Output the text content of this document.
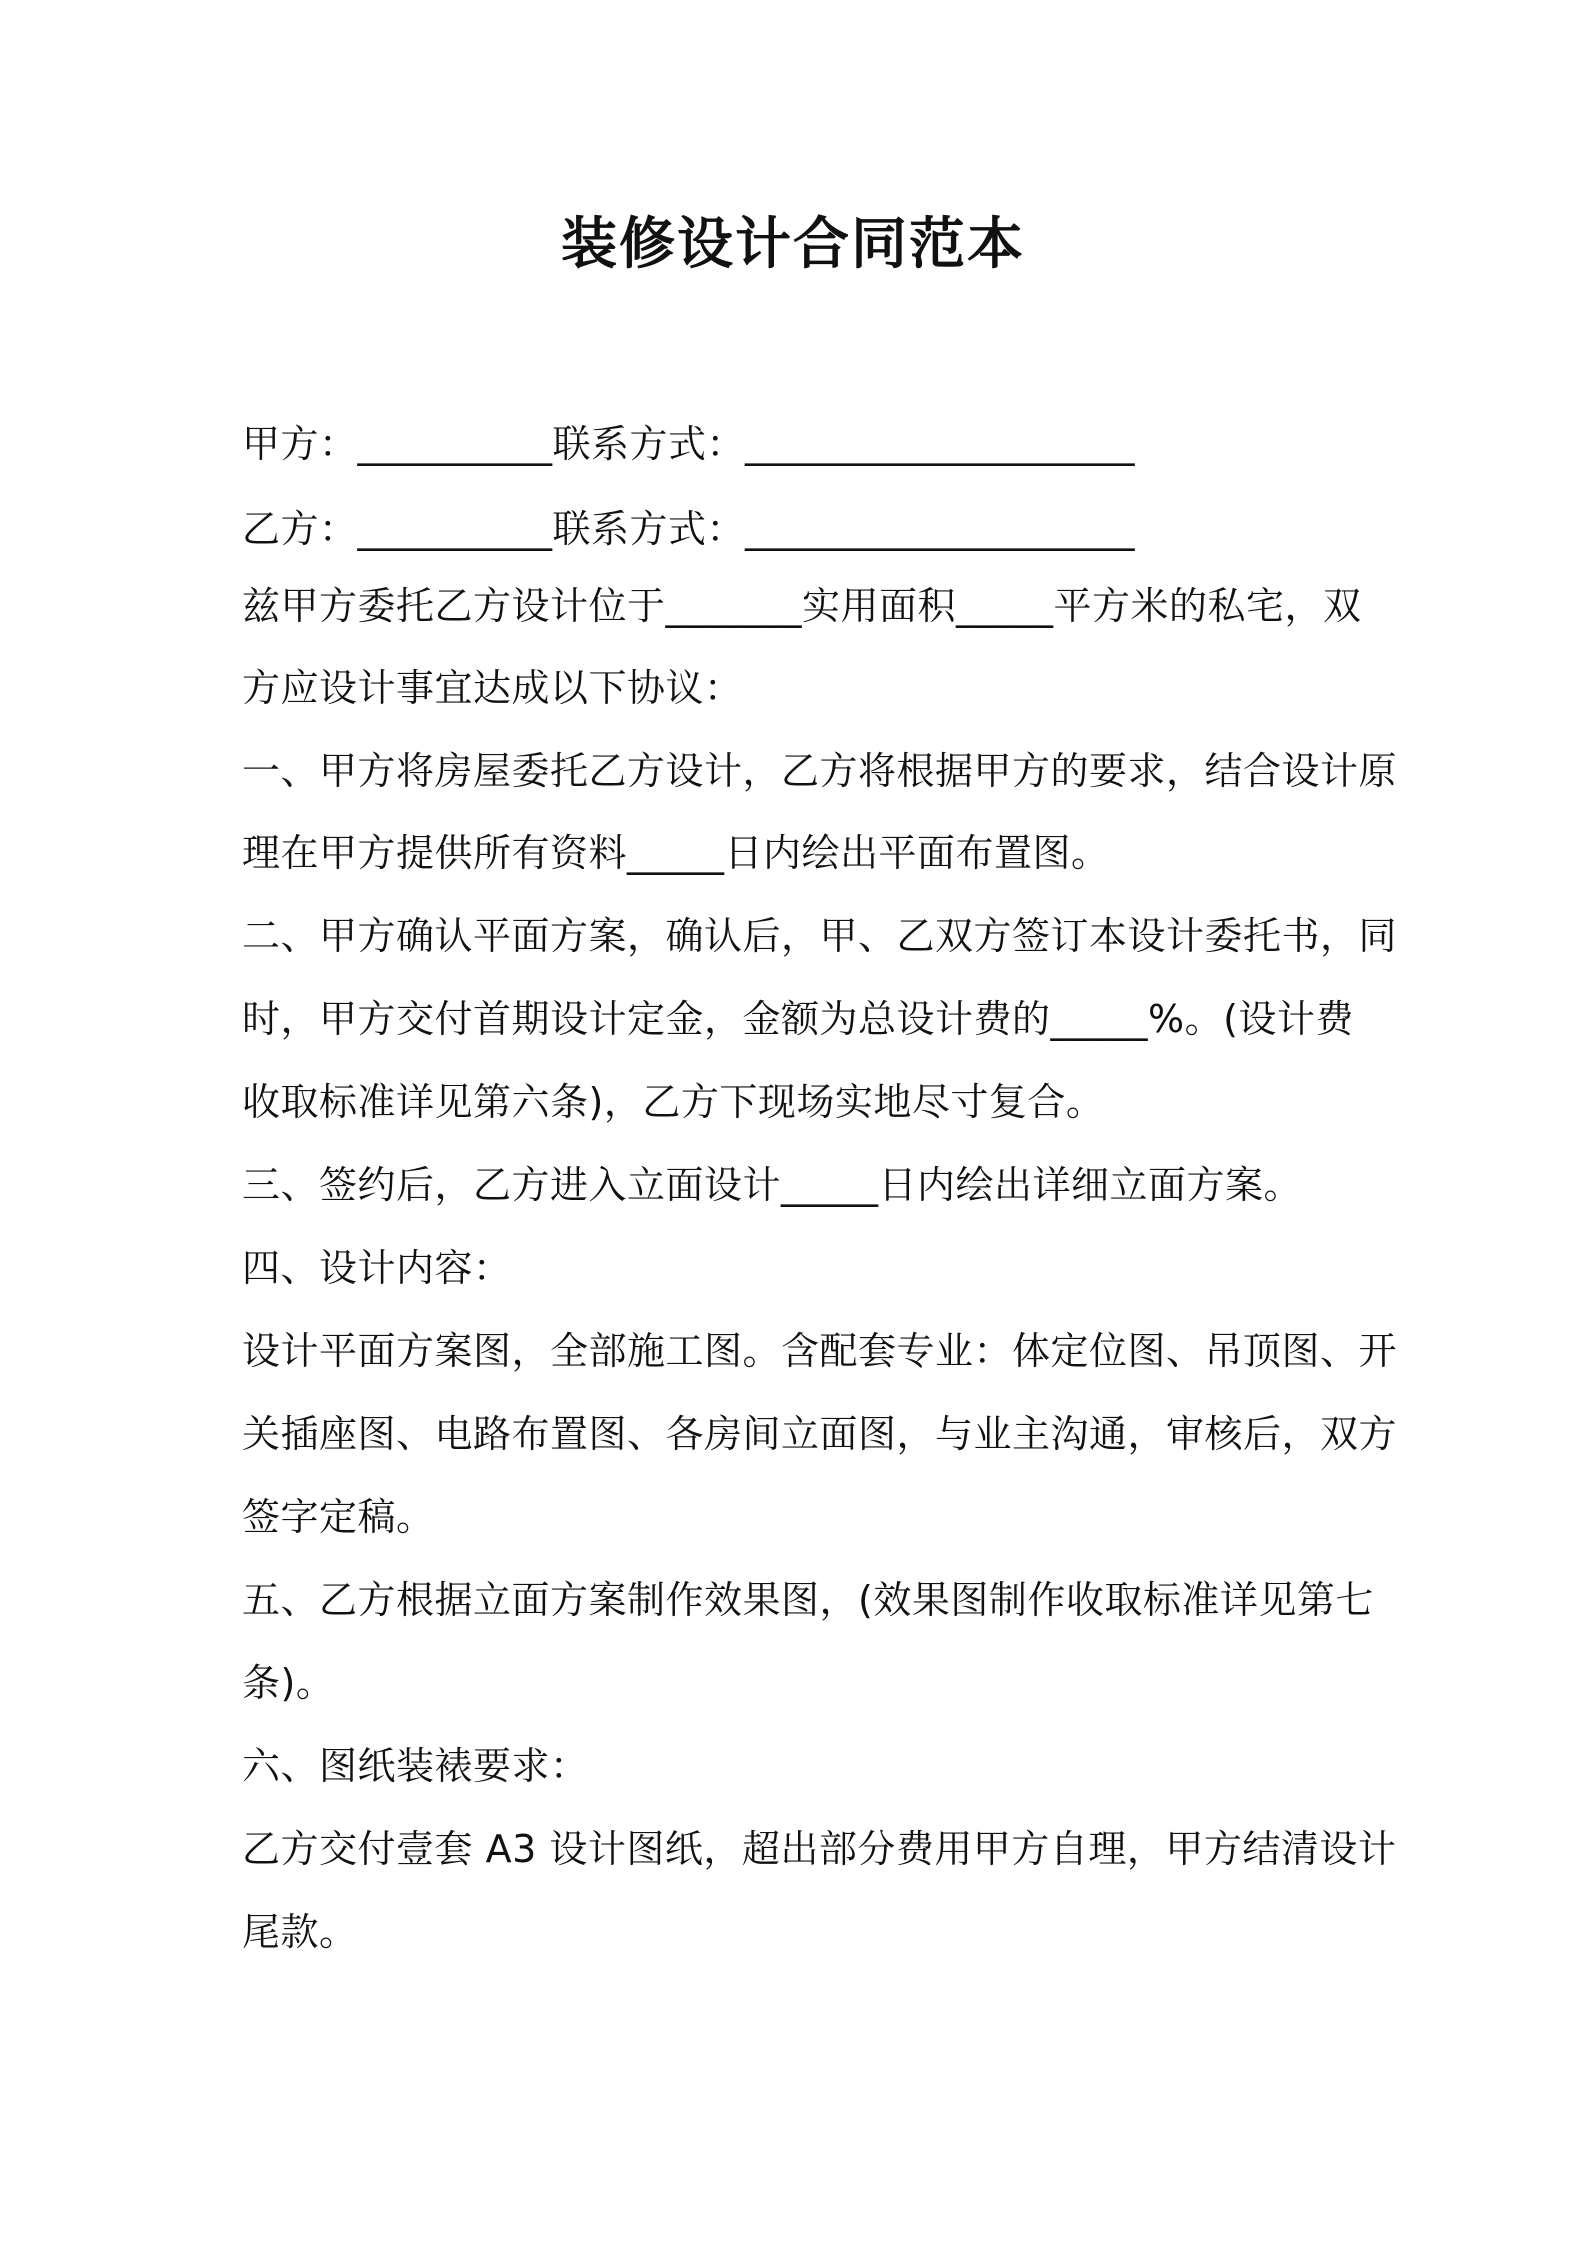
装修设计合同范本
甲方：__________联系方式：____________________
乙方：__________联系方式：____________________
兹甲方委托乙方设计位于_______实用面积_____平方米的私宅，双
方应设计事宜达成以下协议：
一、甲方将房屋委托乙方设计，乙方将根据甲方的要求，结合设计原
理在甲方提供所有资料_____日内绘出平面布置图。
二、甲方确认平面方案，确认后，甲、乙双方签订本设计委托书，同
时，甲方交付首期设计定金，金额为总设计费的_____%。(设计费
收取标准详见第六条)，乙方下现场实地尽寸复合。
三、签约后，乙方进入立面设计_____日内绘出详细立面方案。
四、设计内容：
设计平面方案图，全部施工图。含配套专业：体定位图、吊顶图、开
关插座图、电路布置图、各房间立面图，与业主沟通，审核后，双方
签字定稿。
五、乙方根据立面方案制作效果图，(效果图制作收取标准详见第七
条)。
六、图纸装裱要求：
乙方交付壹套 A3 设计图纸，超出部分费用甲方自理，甲方结清设计
尾款。
